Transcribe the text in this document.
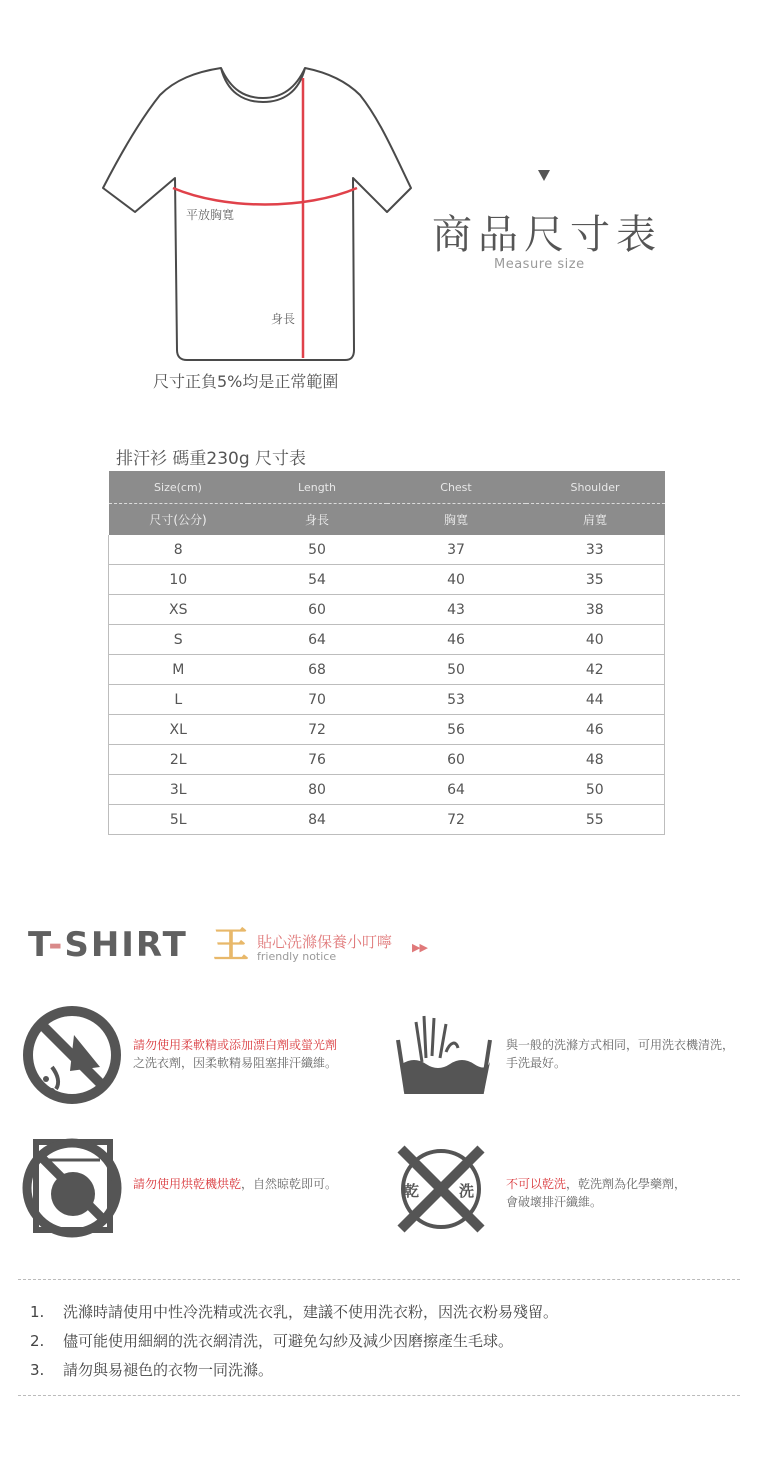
平放胸寬
身長
尺寸正負5%均是正常範圍
商品尺寸表
Measure size
排汗衫 碼重230g 尺寸表
Size(cm)	Length	Chest	Shoulder
尺寸(公分)	身長	胸寬	肩寬
8	50	37	33
10	54	40	35
XS	60	43	38
S	64	46	40
M	68	50	42
L	70	53	44
XL	72	56	46
2L	76	60	48
3L	80	64	50
5L	84	72	55
T-SHIRT 王 貼心洗滌保養小叮嚀
friendly notice
▶▶
請勿使用柔軟精或添加漂白劑或螢光劑
之洗衣劑，因柔軟精易阻塞排汗纖維。
與一般的洗滌方式相同，可用洗衣機清洗，
手洗最好。
請勿使用烘乾機烘乾，自然晾乾即可。	乾	洗	不可以乾洗，乾洗劑為化學藥劑，
會破壞排汗纖維。
1.	洗滌時請使用中性冷洗精或洗衣乳，建議不使用洗衣粉，因洗衣粉易殘留。
2.	儘可能使用細網的洗衣網清洗，可避免勾紗及減少因磨擦產生毛球。
3.	請勿與易褪色的衣物一同洗滌。
